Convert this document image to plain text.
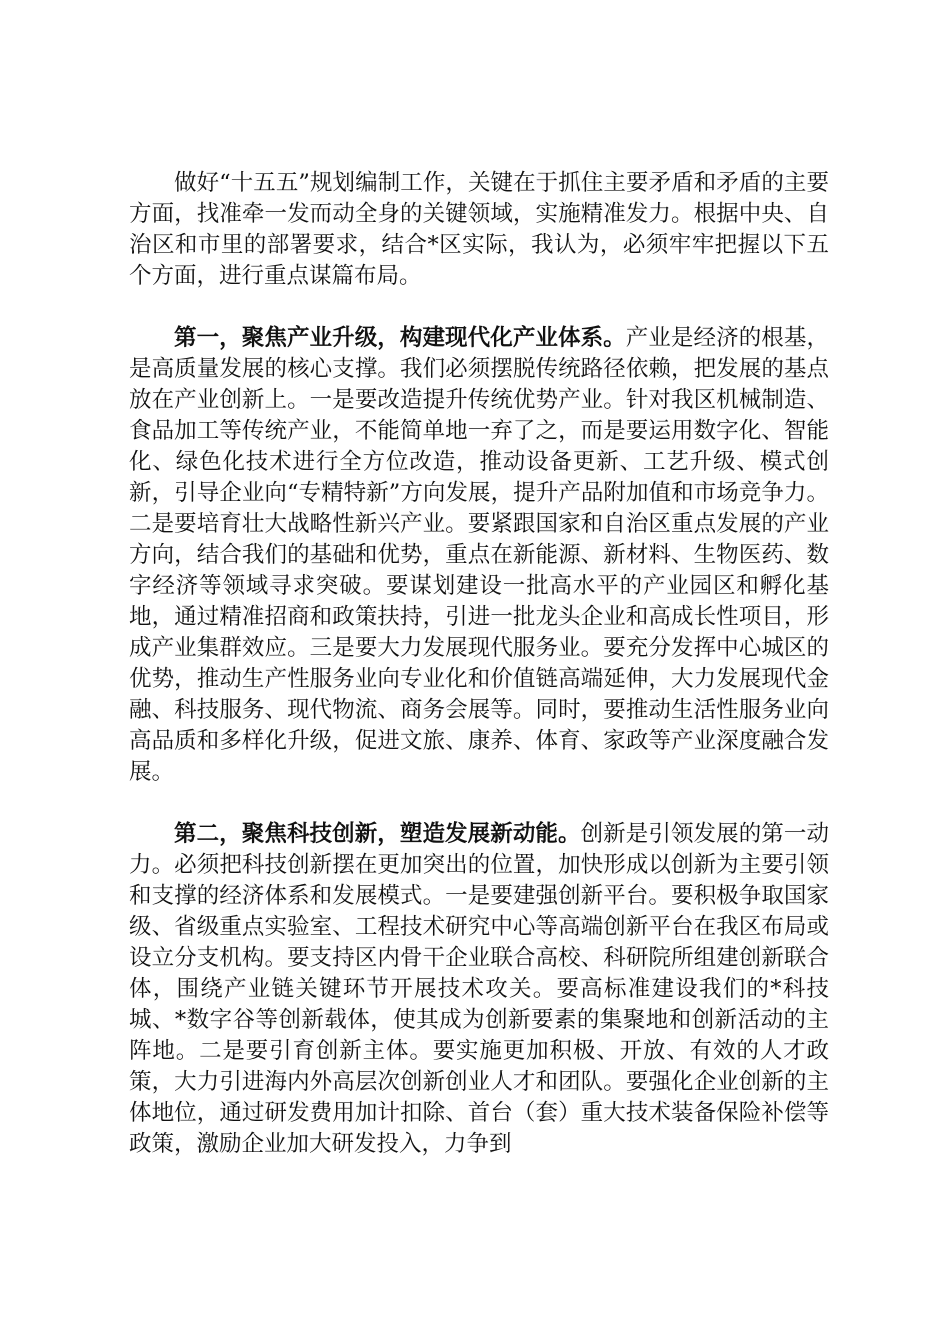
做好“十五五”规划编制工作，关键在于抓住主要矛盾和矛盾的主要方面，找准牵一发而动全身的关键领域，实施精准发力。根据中央、自治区和市里的部署要求，结合*区实际，我认为，必须牢牢把握以下五个方面，进行重点谋篇布局。

第一，聚焦产业升级，构建现代化产业体系。产业是经济的根基，是高质量发展的核心支撑。我们必须摆脱传统路径依赖，把发展的基点放在产业创新上。一是要改造提升传统优势产业。针对我区机械制造、食品加工等传统产业，不能简单地一弃了之，而是要运用数字化、智能化、绿色化技术进行全方位改造，推动设备更新、工艺升级、模式创新，引导企业向“专精特新”方向发展，提升产品附加值和市场竞争力。二是要培育壮大战略性新兴产业。要紧跟国家和自治区重点发展的产业方向，结合我们的基础和优势，重点在新能源、新材料、生物医药、数字经济等领域寻求突破。要谋划建设一批高水平的产业园区和孵化基地，通过精准招商和政策扶持，引进一批龙头企业和高成长性项目，形成产业集群效应。三是要大力发展现代服务业。要充分发挥中心城区的优势，推动生产性服务业向专业化和价值链高端延伸，大力发展现代金融、科技服务、现代物流、商务会展等。同时，要推动生活性服务业向高品质和多样化升级，促进文旅、康养、体育、家政等产业深度融合发展。

第二，聚焦科技创新，塑造发展新动能。创新是引领发展的第一动力。必须把科技创新摆在更加突出的位置，加快形成以创新为主要引领和支撑的经济体系和发展模式。一是要建强创新平台。要积极争取国家级、省级重点实验室、工程技术研究中心等高端创新平台在我区布局或设立分支机构。要支持区内骨干企业联合高校、科研院所组建创新联合体，围绕产业链关键环节开展技术攻关。要高标准建设我们的*科技城、*数字谷等创新载体，使其成为创新要素的集聚地和创新活动的主阵地。二是要引育创新主体。要实施更加积极、开放、有效的人才政策，大力引进海内外高层次创新创业人才和团队。要强化企业创新的主体地位，通过研发费用加计扣除、首台（套）重大技术装备保险补偿等政策，激励企业加大研发投入，力争到
